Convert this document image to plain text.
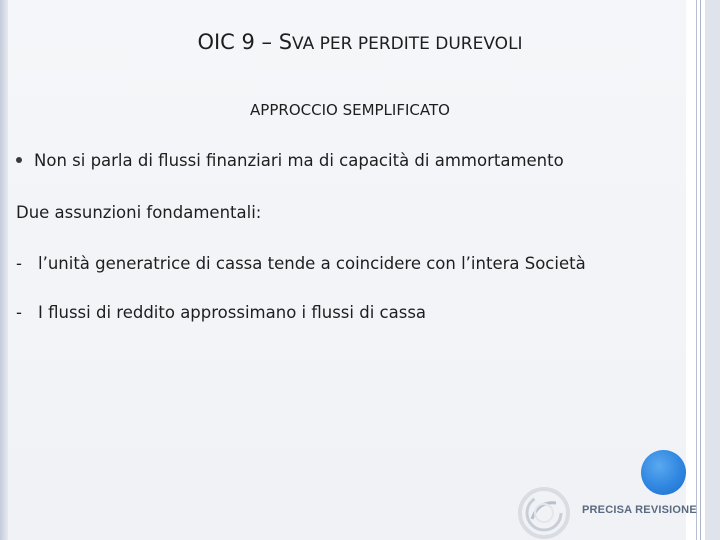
OIC 9 – SVA PER PERDITE DUREVOLI
APPROCCIO SEMPLIFICATO
Non si parla di flussi finanziari ma di capacità di ammortamento
Due assunzioni fondamentali:
- l’unità generatrice di cassa tende a coincidere con l’intera Società
- I flussi di reddito approssimano i flussi di cassa
PRECISA REVISIONE
